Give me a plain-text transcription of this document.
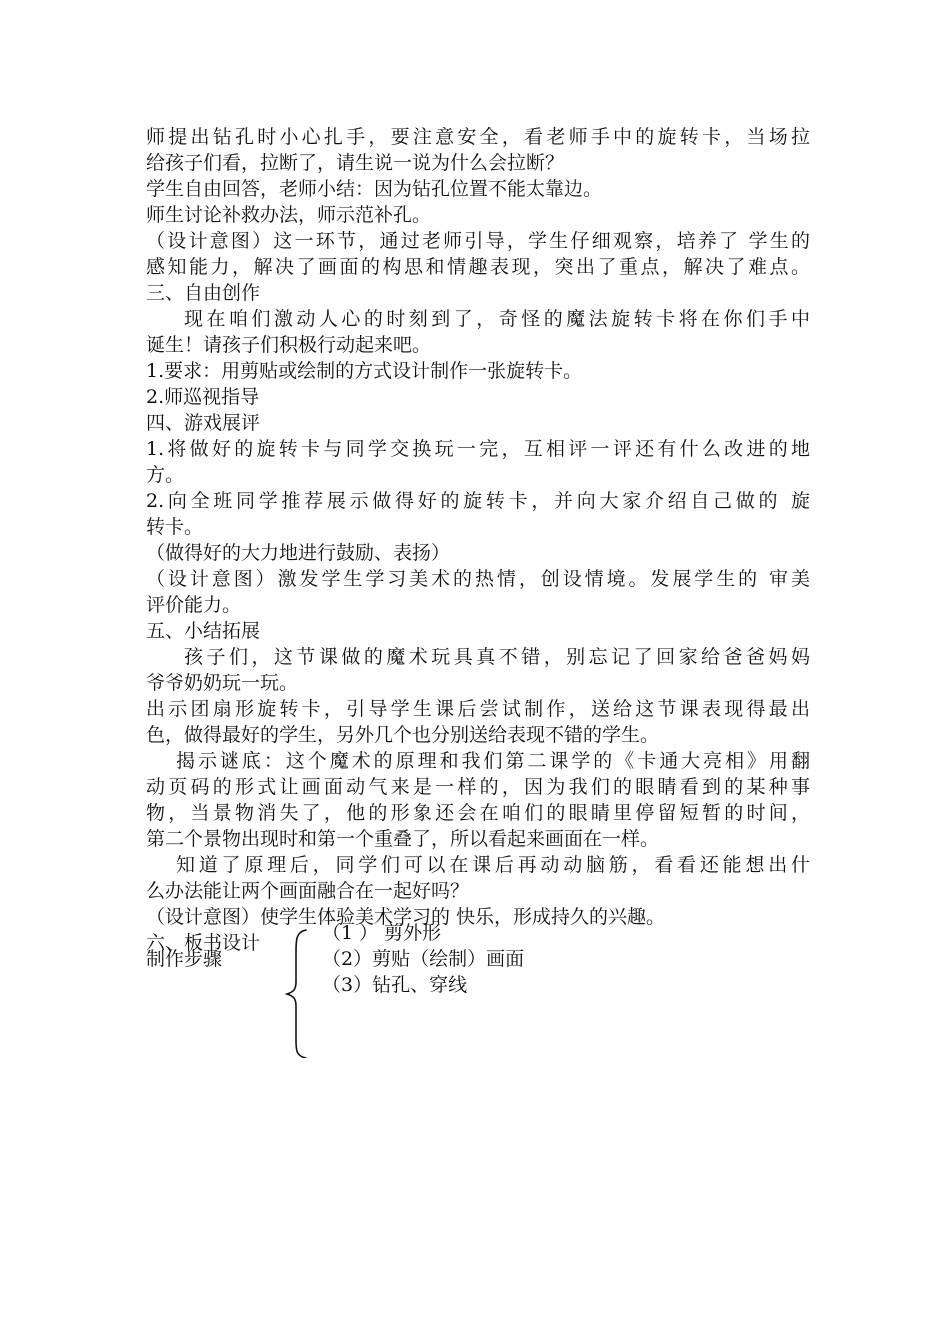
师提出钻孔时小心扎手，要注意安全，看老师手中的旋转卡，当场拉
给孩子们看，拉断了，请生说一说为什么会拉断？
学生自由回答，老师小结：因为钻孔位置不能太靠边。
师生讨论补救办法，师示范补孔。
（设计意图）这一环节，通过老师引导，学生仔细观察，培养了 学生的
感知能力，解决了画面的构思和情趣表现，突出了重点，解决了难点。
三、自由创作
现在咱们激动人心的时刻到了，奇怪的魔法旋转卡将在你们手中
诞生！请孩子们积极行动起来吧。
1.要求：用剪贴或绘制的方式设计制作一张旋转卡。
2.师巡视指导
四、游戏展评
1.将做好的旋转卡与同学交换玩一完，互相评一评还有什么改进的地
方。
2.向全班同学推荐展示做得好的旋转卡，并向大家介绍自己做的 旋
转卡。
（做得好的大力地进行鼓励、表扬）
（设计意图）激发学生学习美术的热情，创设情境。发展学生的 审美
评价能力。
五、小结拓展
孩子们，这节课做的魔术玩具真不错，别忘记了回家给爸爸妈妈
爷爷奶奶玩一玩。
出示团扇形旋转卡，引导学生课后尝试制作，送给这节课表现得最出
色，做得最好的学生，另外几个也分别送给表现不错的学生。
揭示谜底：这个魔术的原理和我们第二课学的《卡通大亮相》用翻
动页码的形式让画面动气来是一样的，因为我们的眼睛看到的某种事
物，当景物消失了，他的形象还会在咱们的眼睛里停留短暂的时间，
第二个景物出现时和第一个重叠了，所以看起来画面在一样。
知道了原理后，同学们可以在课后再动动脑筋，看看还能想出什
么办法能让两个画面融合在一起好吗？
（设计意图）使学生体验美术学习的 快乐，形成持久的兴趣。
六、板书设计
制作步骤
（1 ） 剪外形
（2）剪贴（绘制）画面
（3）钻孔、穿线
